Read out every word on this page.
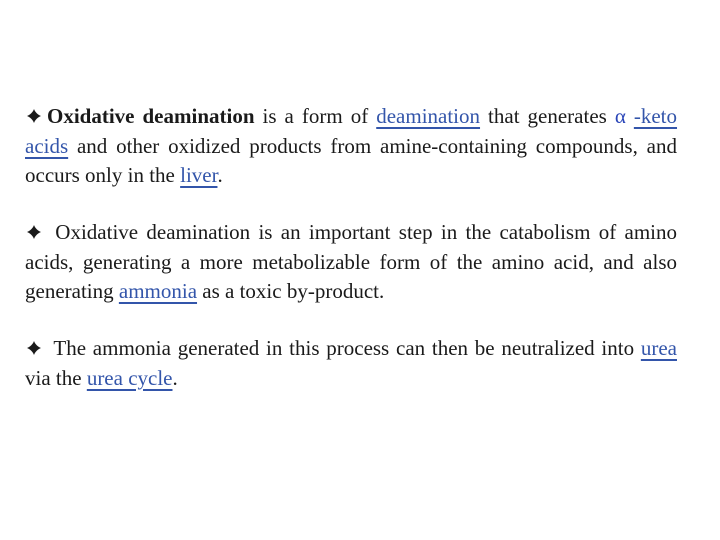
Oxidative deamination is a form of deamination that generates α -keto acids and other oxidized products from amine-containing compounds, and occurs only in the liver.
Oxidative deamination is an important step in the catabolism of amino acids, generating a more metabolizable form of the amino acid, and also generating ammonia as a toxic by-product.
The ammonia generated in this process can then be neutralized into urea via the urea cycle.
